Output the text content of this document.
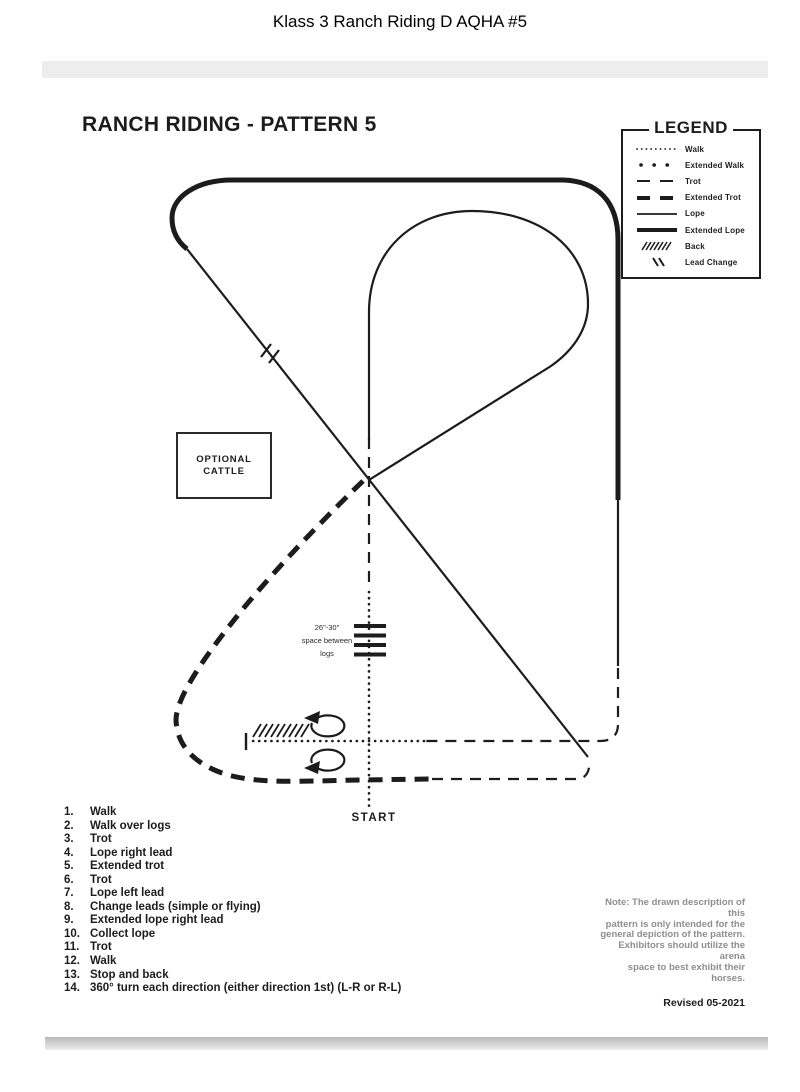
Klass 3 Ranch Riding D AQHA #5
RANCH RIDING - PATTERN 5	LEGEND
Walk
Extended Walk
Trot
Extended Trot
Lope
Extended Lope
Back
Lead Change
OPTIONAL
CATTLE
26"-30"
space between
logs
START
1.	Walk
2.	Walk over logs
3.	Trot
4.	Lope right lead
5.	Extended trot
6.	Trot
7.	Lope left lead
8.	Change leads (simple or flying)
9.	Extended lope right lead
10. Collect lope
11. Trot
12. Walk
13. Stop and back
14. 360° turn each direction (either direction 1st) (L-R or R-L)
Note: The drawn description of this
pattern is only intended for the
general depiction of the pattern.
Exhibitors should utilize the arena
space to best exhibit their horses.
Revised 05-2021
